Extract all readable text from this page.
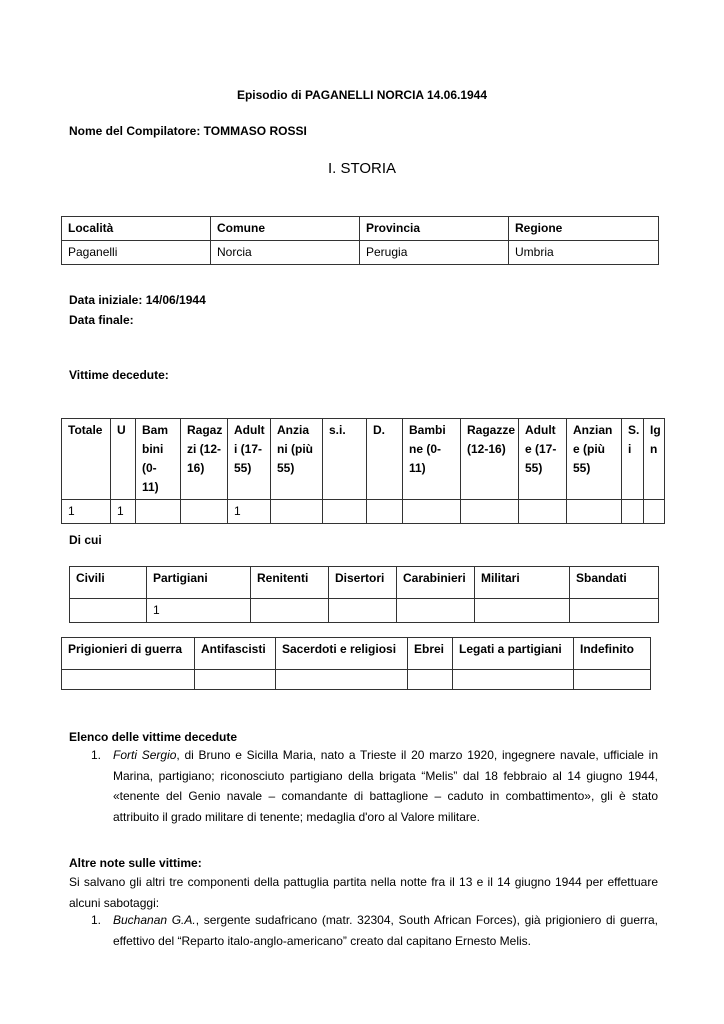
Episodio di PAGANELLI NORCIA 14.06.1944
Nome del Compilatore: TOMMASO ROSSI
I. STORIA
Località	Comune	Provincia	Regione
Paganelli	Norcia	Perugia	Umbria
Data iniziale: 14/06/1944
Data finale:
Vittime decedute:
Totale	U	Bam bini (0- 11)	Ragaz zi (12- 16)	Adult i (17- 55)	Anzia ni (più 55)	s.i.	D.	Bambi ne (0- 11)	Ragazze (12-16)	Adult e (17- 55)	Anzian e (più 55)	S. i	Ig n
1	1			1									
Di cui
Civili	Partigiani	Renitenti	Disertori	Carabinieri	Militari	Sbandati
	1					
Prigionieri di guerra	Antifascisti	Sacerdoti e religiosi	Ebrei	Legati a partigiani	Indefinito

Elenco delle vittime decedute
1. Forti Sergio, di Bruno e Sicilla Maria, nato a Trieste il 20 marzo 1920, ingegnere navale, ufficiale in Marina, partigiano; riconosciuto partigiano della brigata “Melis” dal 18 febbraio al 14 giugno 1944, «tenente del Genio navale – comandante di battaglione – caduto in combattimento», gli è stato attribuito il grado militare di tenente; medaglia d'oro al Valore militare.
Altre note sulle vittime:
Si salvano gli altri tre componenti della pattuglia partita nella notte fra il 13 e il 14 giugno 1944 per effettuare alcuni sabotaggi:
1. Buchanan G.A., sergente sudafricano (matr. 32304, South African Forces), già prigioniero di guerra, effettivo del “Reparto italo-anglo-americano” creato dal capitano Ernesto Melis.
